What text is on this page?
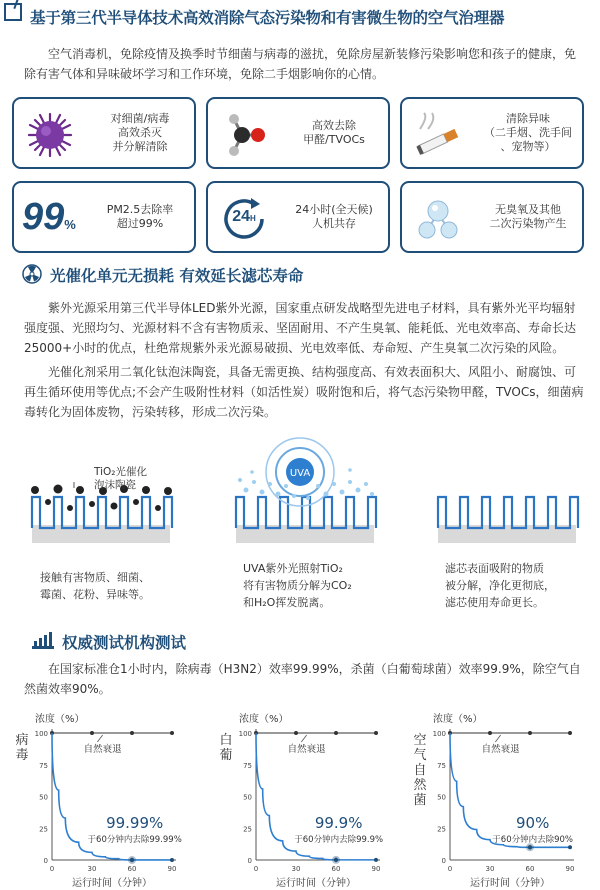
基于第三代半导体技术高效消除气态污染物和有害微生物的空气治理器
空气消毒机，免除疫情及换季时节细菌与病毒的滋扰，免除房屋新装修污染影响您和孩子的健康，免除有害气体和异味破坏学习和工作环境，免除二手烟影响你的心情。
对细菌/病毒
高效杀灭
并分解清除
高效去除
甲醛/TVOCs
清除异味
（二手烟、洗手间
、宠物等）
99%
PM2.5去除率
超过99%	24H
24小时(全天候)
人机共存
无臭氧及其他
二次污染物产生
光催化单元无损耗 有效延长滤芯寿命
紫外光源采用第三代半导体LED紫外光源，国家重点研发战略型先进电子材料，具有紫外光平均辐射强度强、光照均匀、光源材料不含有害物质汞、坚固耐用、不产生臭氧、能耗低、光电效率高、寿命长达25000+小时的优点，杜绝常规紫外汞光源易破损、光电效率低、寿命短、产生臭氧二次污染的风险。
光催化剂采用二氧化钛泡沫陶瓷，具备无需更换、结构强度高、有效表面积大、风阻小、耐腐蚀、可再生循环使用等优点;不会产生吸附性材料（如活性炭）吸附饱和后，将气态污染物甲醛，TVOCs，细菌病毒转化为固体废物，污染转移，形成二次污染。
TiO₂光催化
泡沫陶瓷
UVA
接触有害物质、细菌、
霉菌、花粉、异味等。
UVA紫外光照射TiO₂
将有害物质分解为CO₂
和H₂O挥发脱离。
滤芯表面吸附的物质
被分解，净化更彻底，
滤芯使用寿命更长。
权威测试机构测试
在国家标准仓1小时内，除病毒（H3N2）效率99.99%，杀菌（白葡萄球菌）效率99.9%，除空气自然菌效率90%。
浓度（%）
病
毒
0
25
50
75
100
0	30	60	90
运行时间（分钟）
自然衰退
99.99%
于60分钟内去除99.99%
浓度（%）
白
葡
0
25
50
75
100
0	30	60	90
运行时间（分钟）
自然衰退
99.9%
于60分钟内去除99.9%
浓度（%）
空
气
自
然
菌
0
25
50
75
100
0	30	60	90
运行时间（分钟）
自然衰退
90%
于60分钟内去除90%
